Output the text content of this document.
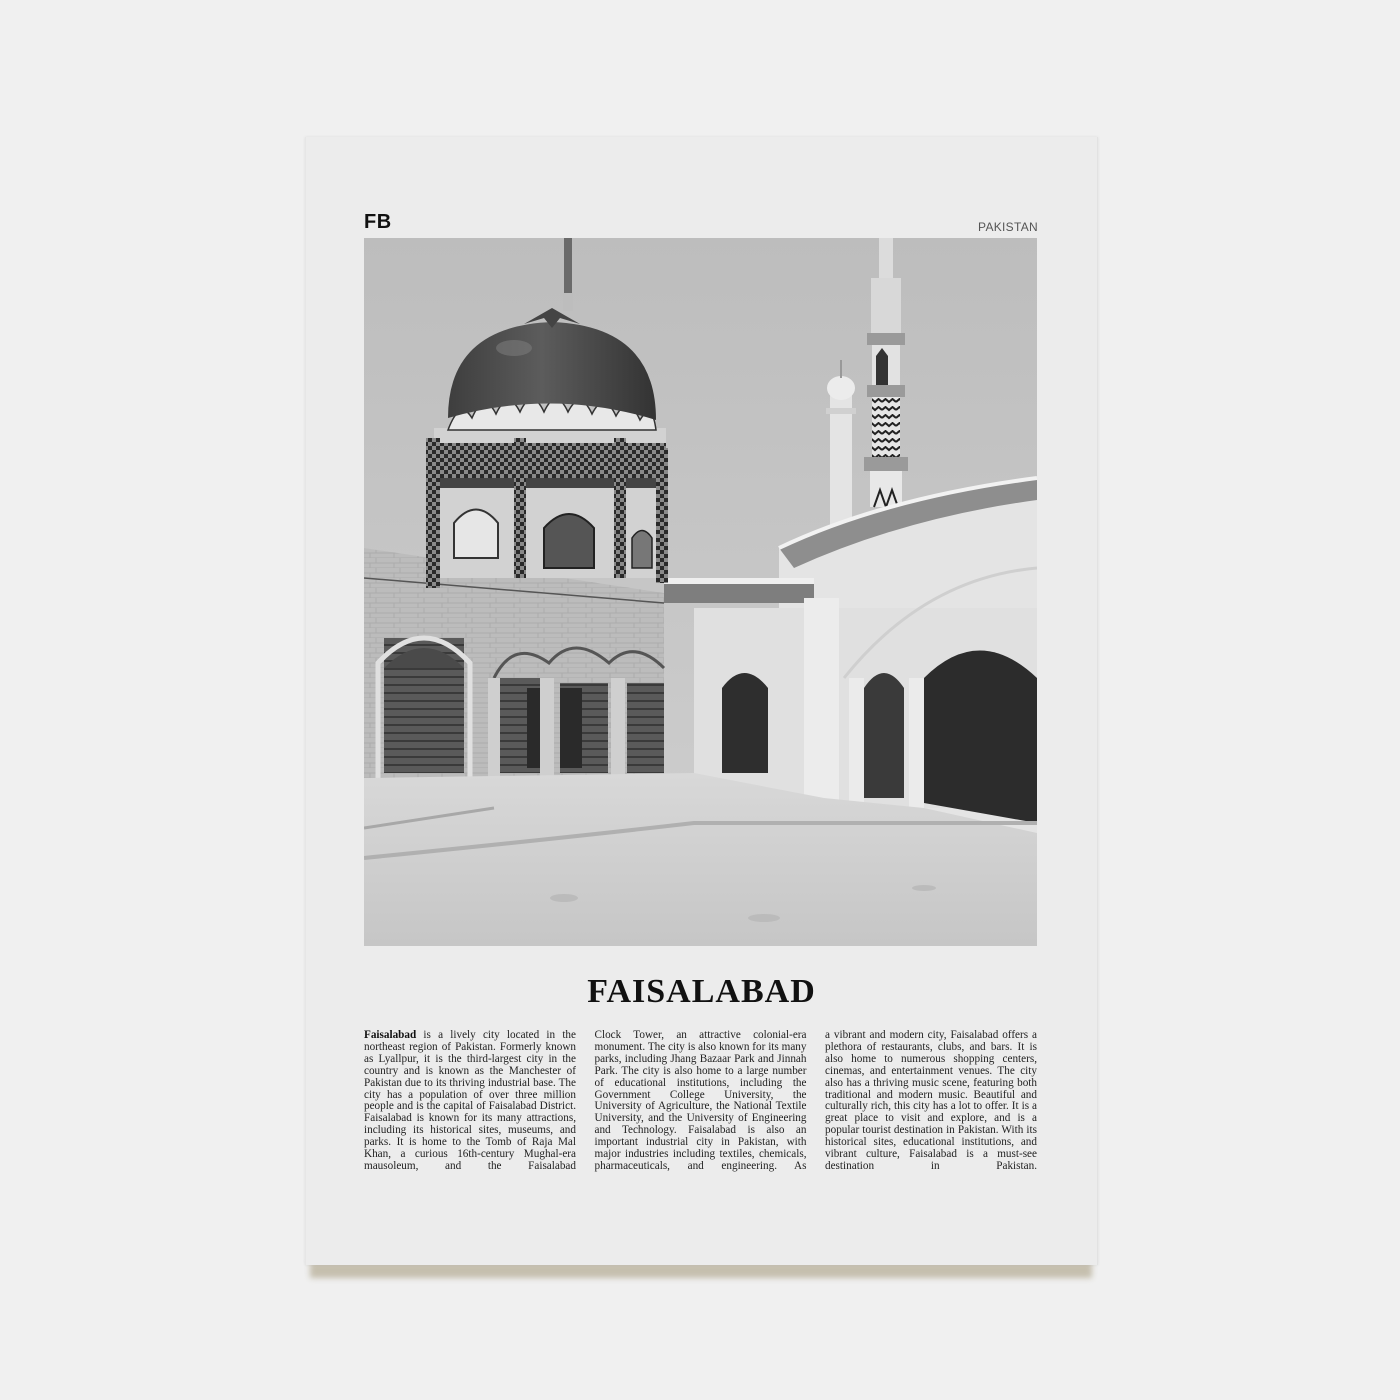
FB	PAKISTAN
FAISALABAD
Faisalabad is a lively city located in the northeast region of Pakistan. Formerly known as Lyallpur, it is the third-largest city in the country and is known as the Manchester of Pakistan due to its thriving industrial base. The city has a population of over three million people and is the capital of Faisalabad District. Faisalabad is known for its many attractions, including its historical sites, museums, and parks. It is home to the Tomb of Raja Mal Khan, a curious 16th-century Mughal-era mausoleum, and the Faisalabad
Clock Tower, an attractive colonial-era monument. The city is also known for its many parks, including Jhang Bazaar Park and Jinnah Park. The city is also home to a large number of educational institutions, including the Government College University, the University of Agriculture, the National Textile University, and the University of Engineering and Technology. Faisalabad is also an important industrial city in Pakistan, with major industries including textiles, chemicals, pharmaceuticals, and engineering. As
a vibrant and modern city, Faisalabad offers a plethora of restaurants, clubs, and bars. It is also home to numerous shopping centers, cinemas, and entertainment venues. The city also has a thriving music scene, featuring both traditional and modern music. Beautiful and culturally rich, this city has a lot to offer. It is a great place to visit and explore, and is a popular tourist destination in Pakistan. With its historical sites, educational institutions, and vibrant culture, Faisalabad is a must-see destination in Pakistan.
